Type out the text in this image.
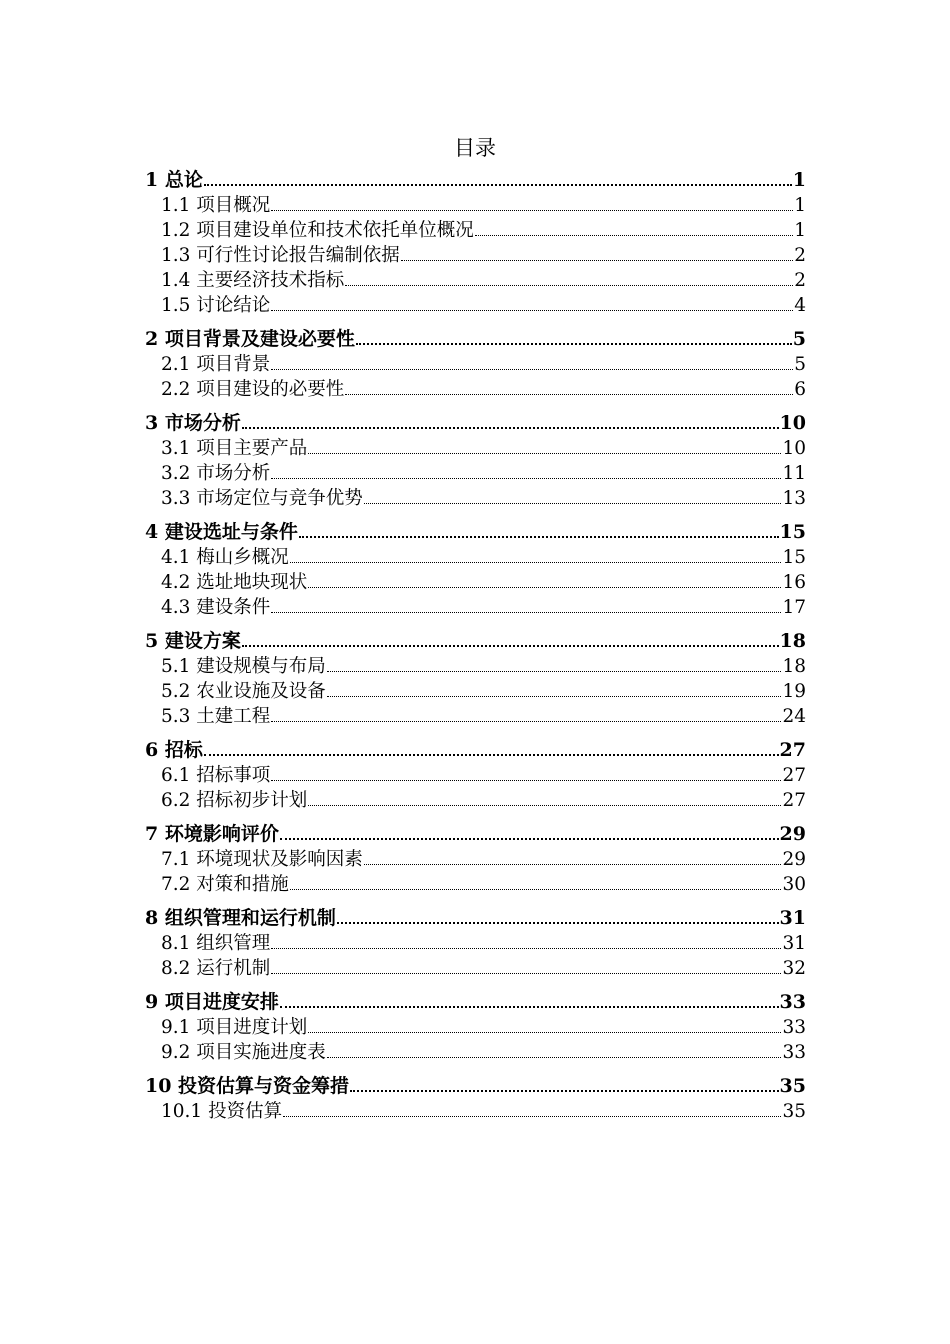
目录
1 总论	1
1.1 项目概况	1
1.2 项目建设单位和技术依托单位概况	1
1.3 可行性讨论报告编制依据	2
1.4 主要经济技术指标	2
1.5 讨论结论	4
2 项目背景及建设必要性	5
2.1 项目背景	5
2.2 项目建设的必要性	6
3 市场分析	10
3.1 项目主要产品	10
3.2 市场分析	11
3.3 市场定位与竞争优势	13
4 建设选址与条件	15
4.1 梅山乡概况	15
4.2 选址地块现状	16
4.3 建设条件	17
5 建设方案	18
5.1 建设规模与布局	18
5.2 农业设施及设备	19
5.3 土建工程	24
6 招标	27
6.1 招标事项	27
6.2 招标初步计划	27
7 环境影响评价	29
7.1 环境现状及影响因素	29
7.2 对策和措施	30
8 组织管理和运行机制	31
8.1 组织管理	31
8.2 运行机制	32
9 项目进度安排	33
9.1 项目进度计划	33
9.2 项目实施进度表	33
10 投资估算与资金筹措	35
10.1 投资估算	35
